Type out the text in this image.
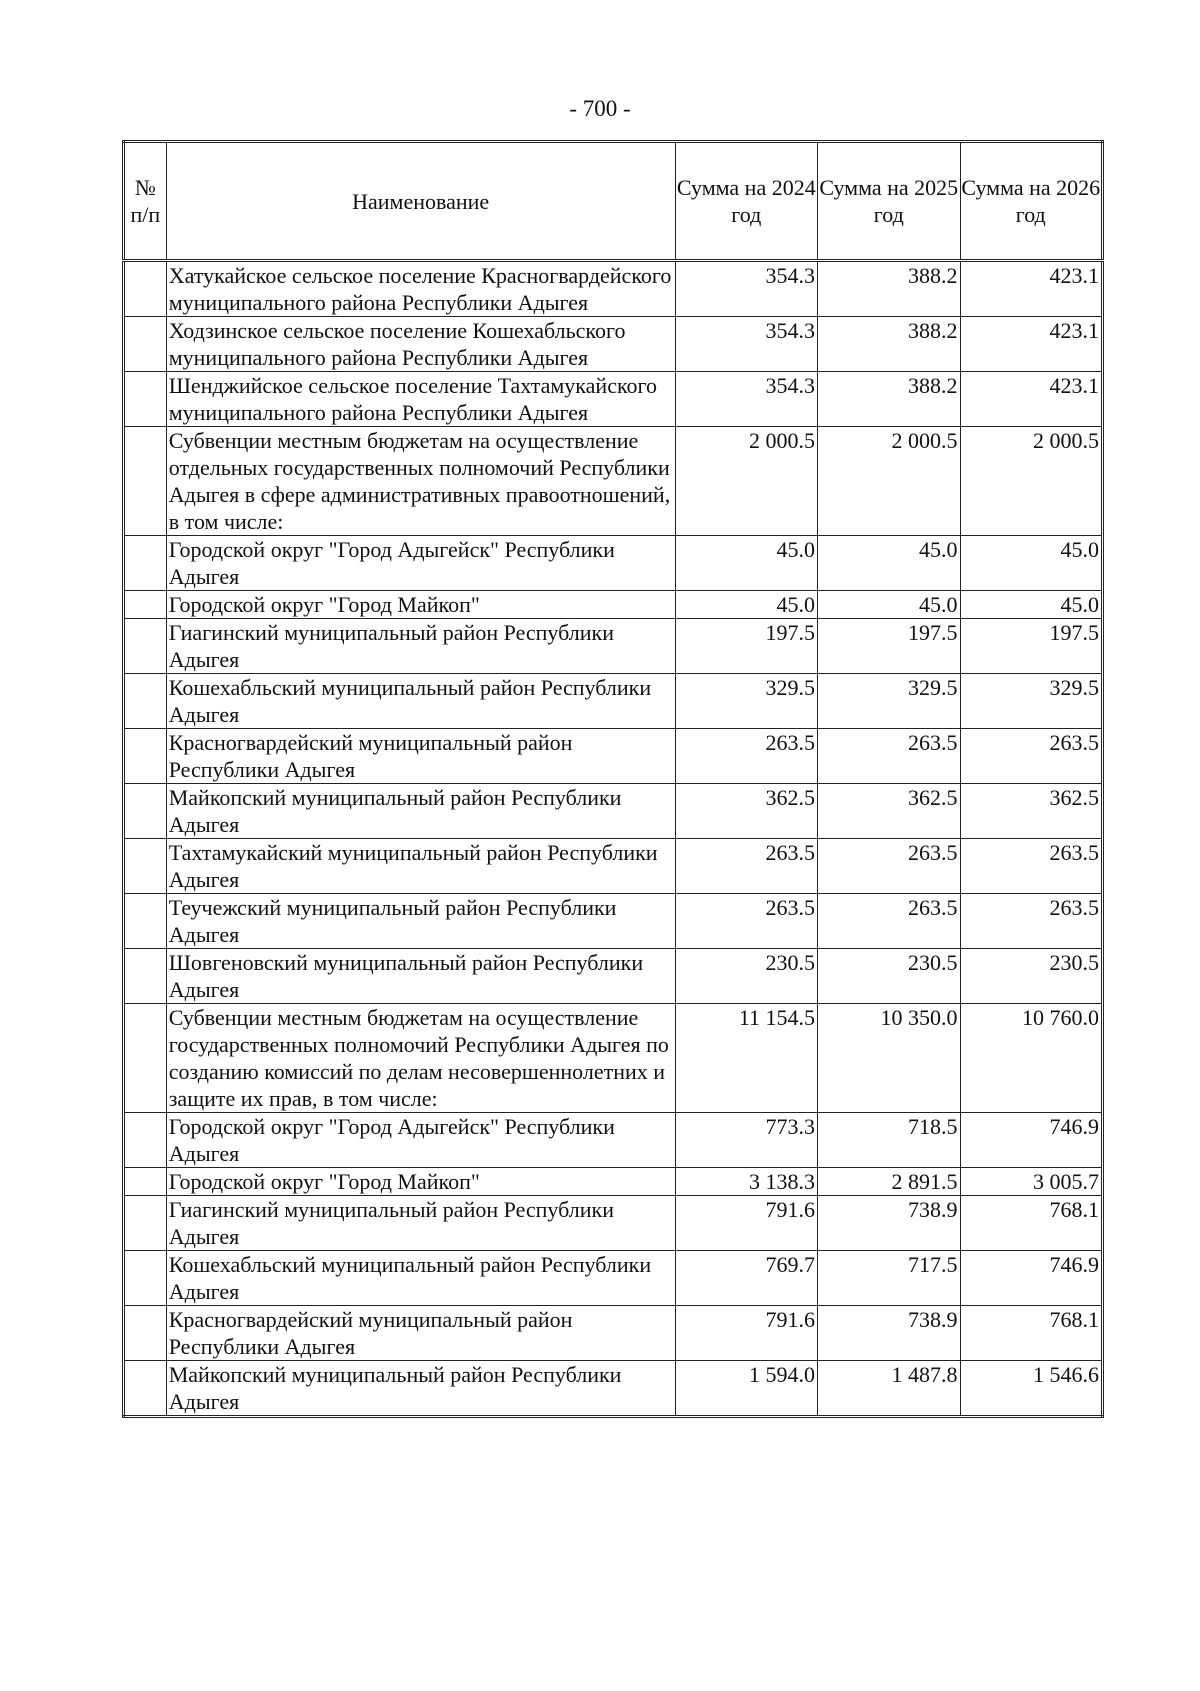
- 700 -
№ п/п	Наименование	Сумма на 2024 год	Сумма на 2025 год	Сумма на 2026 год
	Хатукайское сельское поселение Красногвардейского муниципального района Республики Адыгея	354.3	388.2	423.1
	Ходзинское сельское поселение Кошехабльского муниципального района Республики Адыгея	354.3	388.2	423.1
	Шенджийское сельское поселение Тахтамукайского муниципального района Республики Адыгея	354.3	388.2	423.1
	Субвенции местным бюджетам на осуществление отдельных государственных полномочий Республики Адыгея в сфере административных правоотношений, в том числе:	2 000.5	2 000.5	2 000.5
	Городской округ "Город Адыгейск" Республики Адыгея	45.0	45.0	45.0
	Городской округ "Город Майкоп"	45.0	45.0	45.0
	Гиагинский муниципальный район Республики Адыгея	197.5	197.5	197.5
	Кошехабльский муниципальный район Республики Адыгея	329.5	329.5	329.5
	Красногвардейский муниципальный район Республики Адыгея	263.5	263.5	263.5
	Майкопский муниципальный район Республики Адыгея	362.5	362.5	362.5
	Тахтамукайский муниципальный район Республики Адыгея	263.5	263.5	263.5
	Теучежский муниципальный район Республики Адыгея	263.5	263.5	263.5
	Шовгеновский муниципальный район Республики Адыгея	230.5	230.5	230.5
	Субвенции местным бюджетам на осуществление государственных полномочий Республики Адыгея по созданию комиссий по делам несовершеннолетних и защите их прав, в том числе:	11 154.5	10 350.0	10 760.0
	Городской округ "Город Адыгейск" Республики Адыгея	773.3	718.5	746.9
	Городской округ "Город Майкоп"	3 138.3	2 891.5	3 005.7
	Гиагинский муниципальный район Республики Адыгея	791.6	738.9	768.1
	Кошехабльский муниципальный район Республики Адыгея	769.7	717.5	746.9
	Красногвардейский муниципальный район Республики Адыгея	791.6	738.9	768.1
	Майкопский муниципальный район Республики Адыгея	1 594.0	1 487.8	1 546.6
